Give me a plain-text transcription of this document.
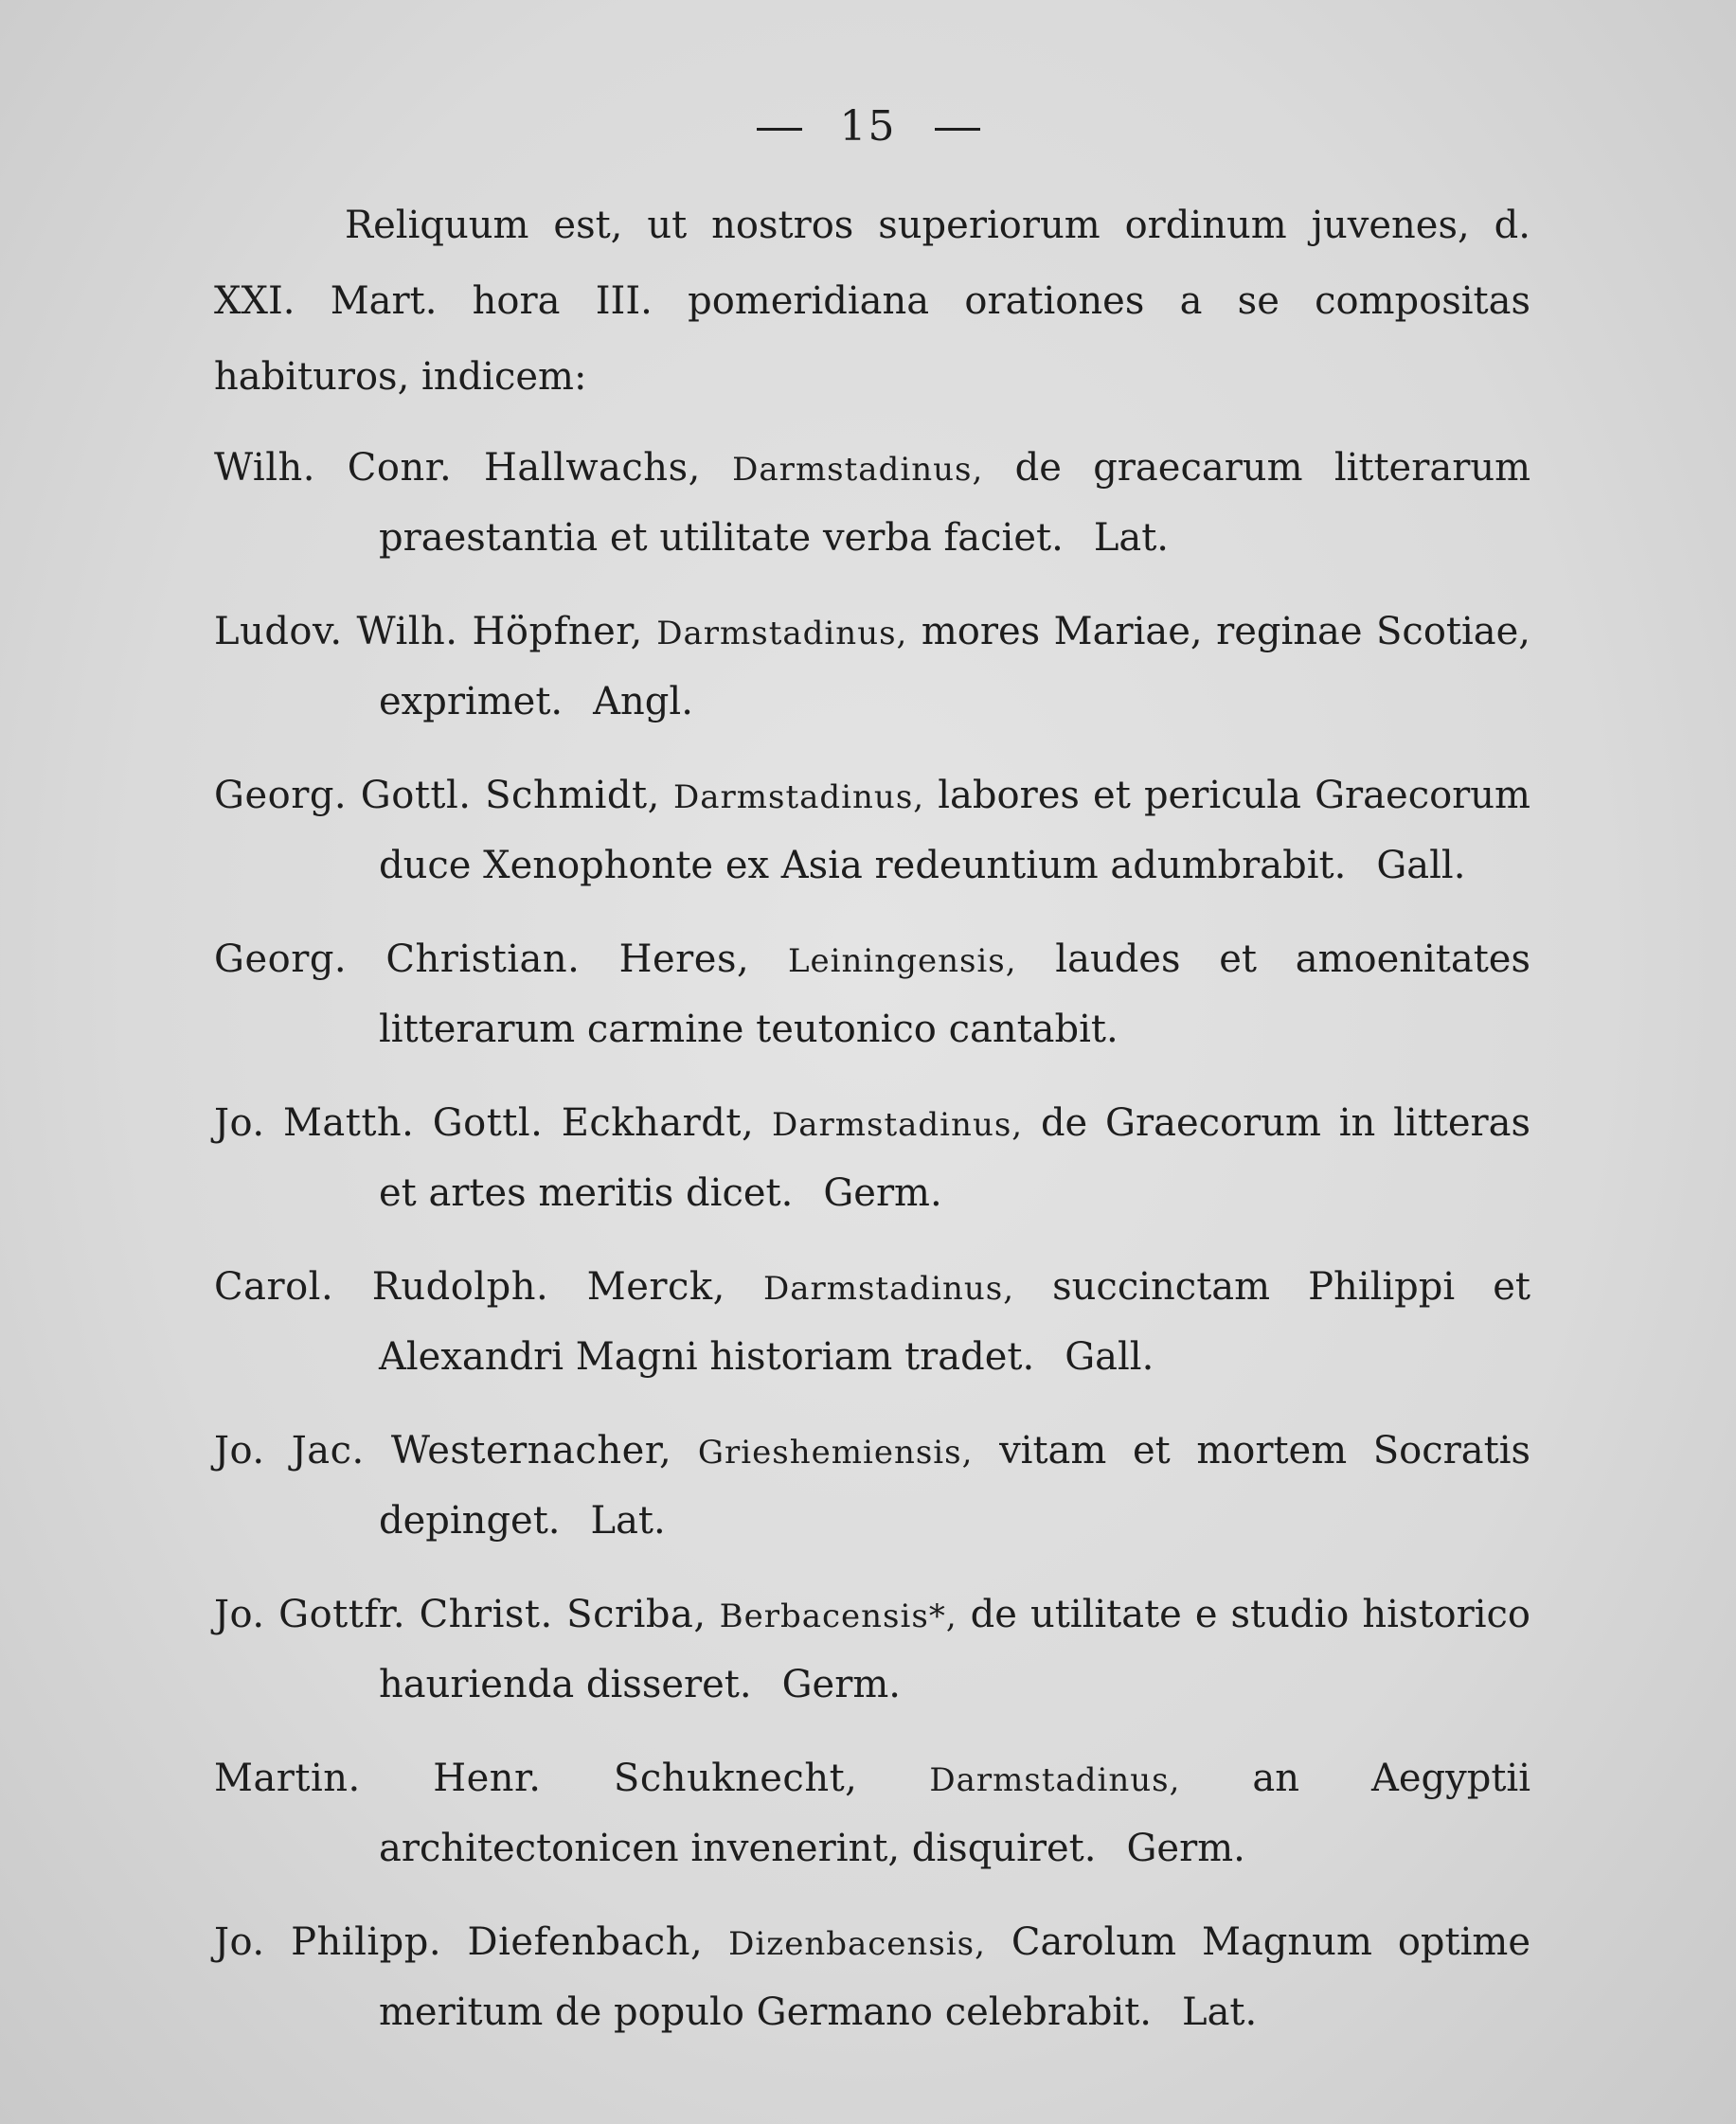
15

Reliquum est, ut nostros superiorum ordinum juvenes, d. XXI. Mart. hora III. pomeridiana orationes a se compositas habituros, indicem:

Wilh. Conr. Hallwachs, Darmstadinus, de graecarum litterarum praestantia et utilitate verba faciet. Lat.
Ludov. Wilh. Höpfner, Darmstadinus, mores Mariae, reginae Scotiae, exprimet. Angl.
Georg. Gottl. Schmidt, Darmstadinus, labores et pericula Graecorum duce Xenophonte ex Asia redeuntium adumbrabit. Gall.
Georg. Christian. Heres, Leiningensis, laudes et amoenitates litterarum carmine teutonico cantabit.
Jo. Matth. Gottl. Eckhardt, Darmstadinus, de Graecorum in litteras et artes meritis dicet. Germ.
Carol. Rudolph. Merck, Darmstadinus, succinctam Philippi et Alexandri Magni historiam tradet. Gall.
Jo. Jac. Westernacher, Grieshemiensis, vitam et mortem Socratis depinget. Lat.
Jo. Gottfr. Christ. Scriba, Berbacensis*, de utilitate e studio historico haurienda disseret. Germ.
Martin. Henr. Schuknecht, Darmstadinus, an Aegyptii architectonicen invenerint, disquiret. Germ.
Jo. Philipp. Diefenbach, Dizenbacensis, Carolum Magnum optime meritum de populo Germano celebrabit. Lat.
